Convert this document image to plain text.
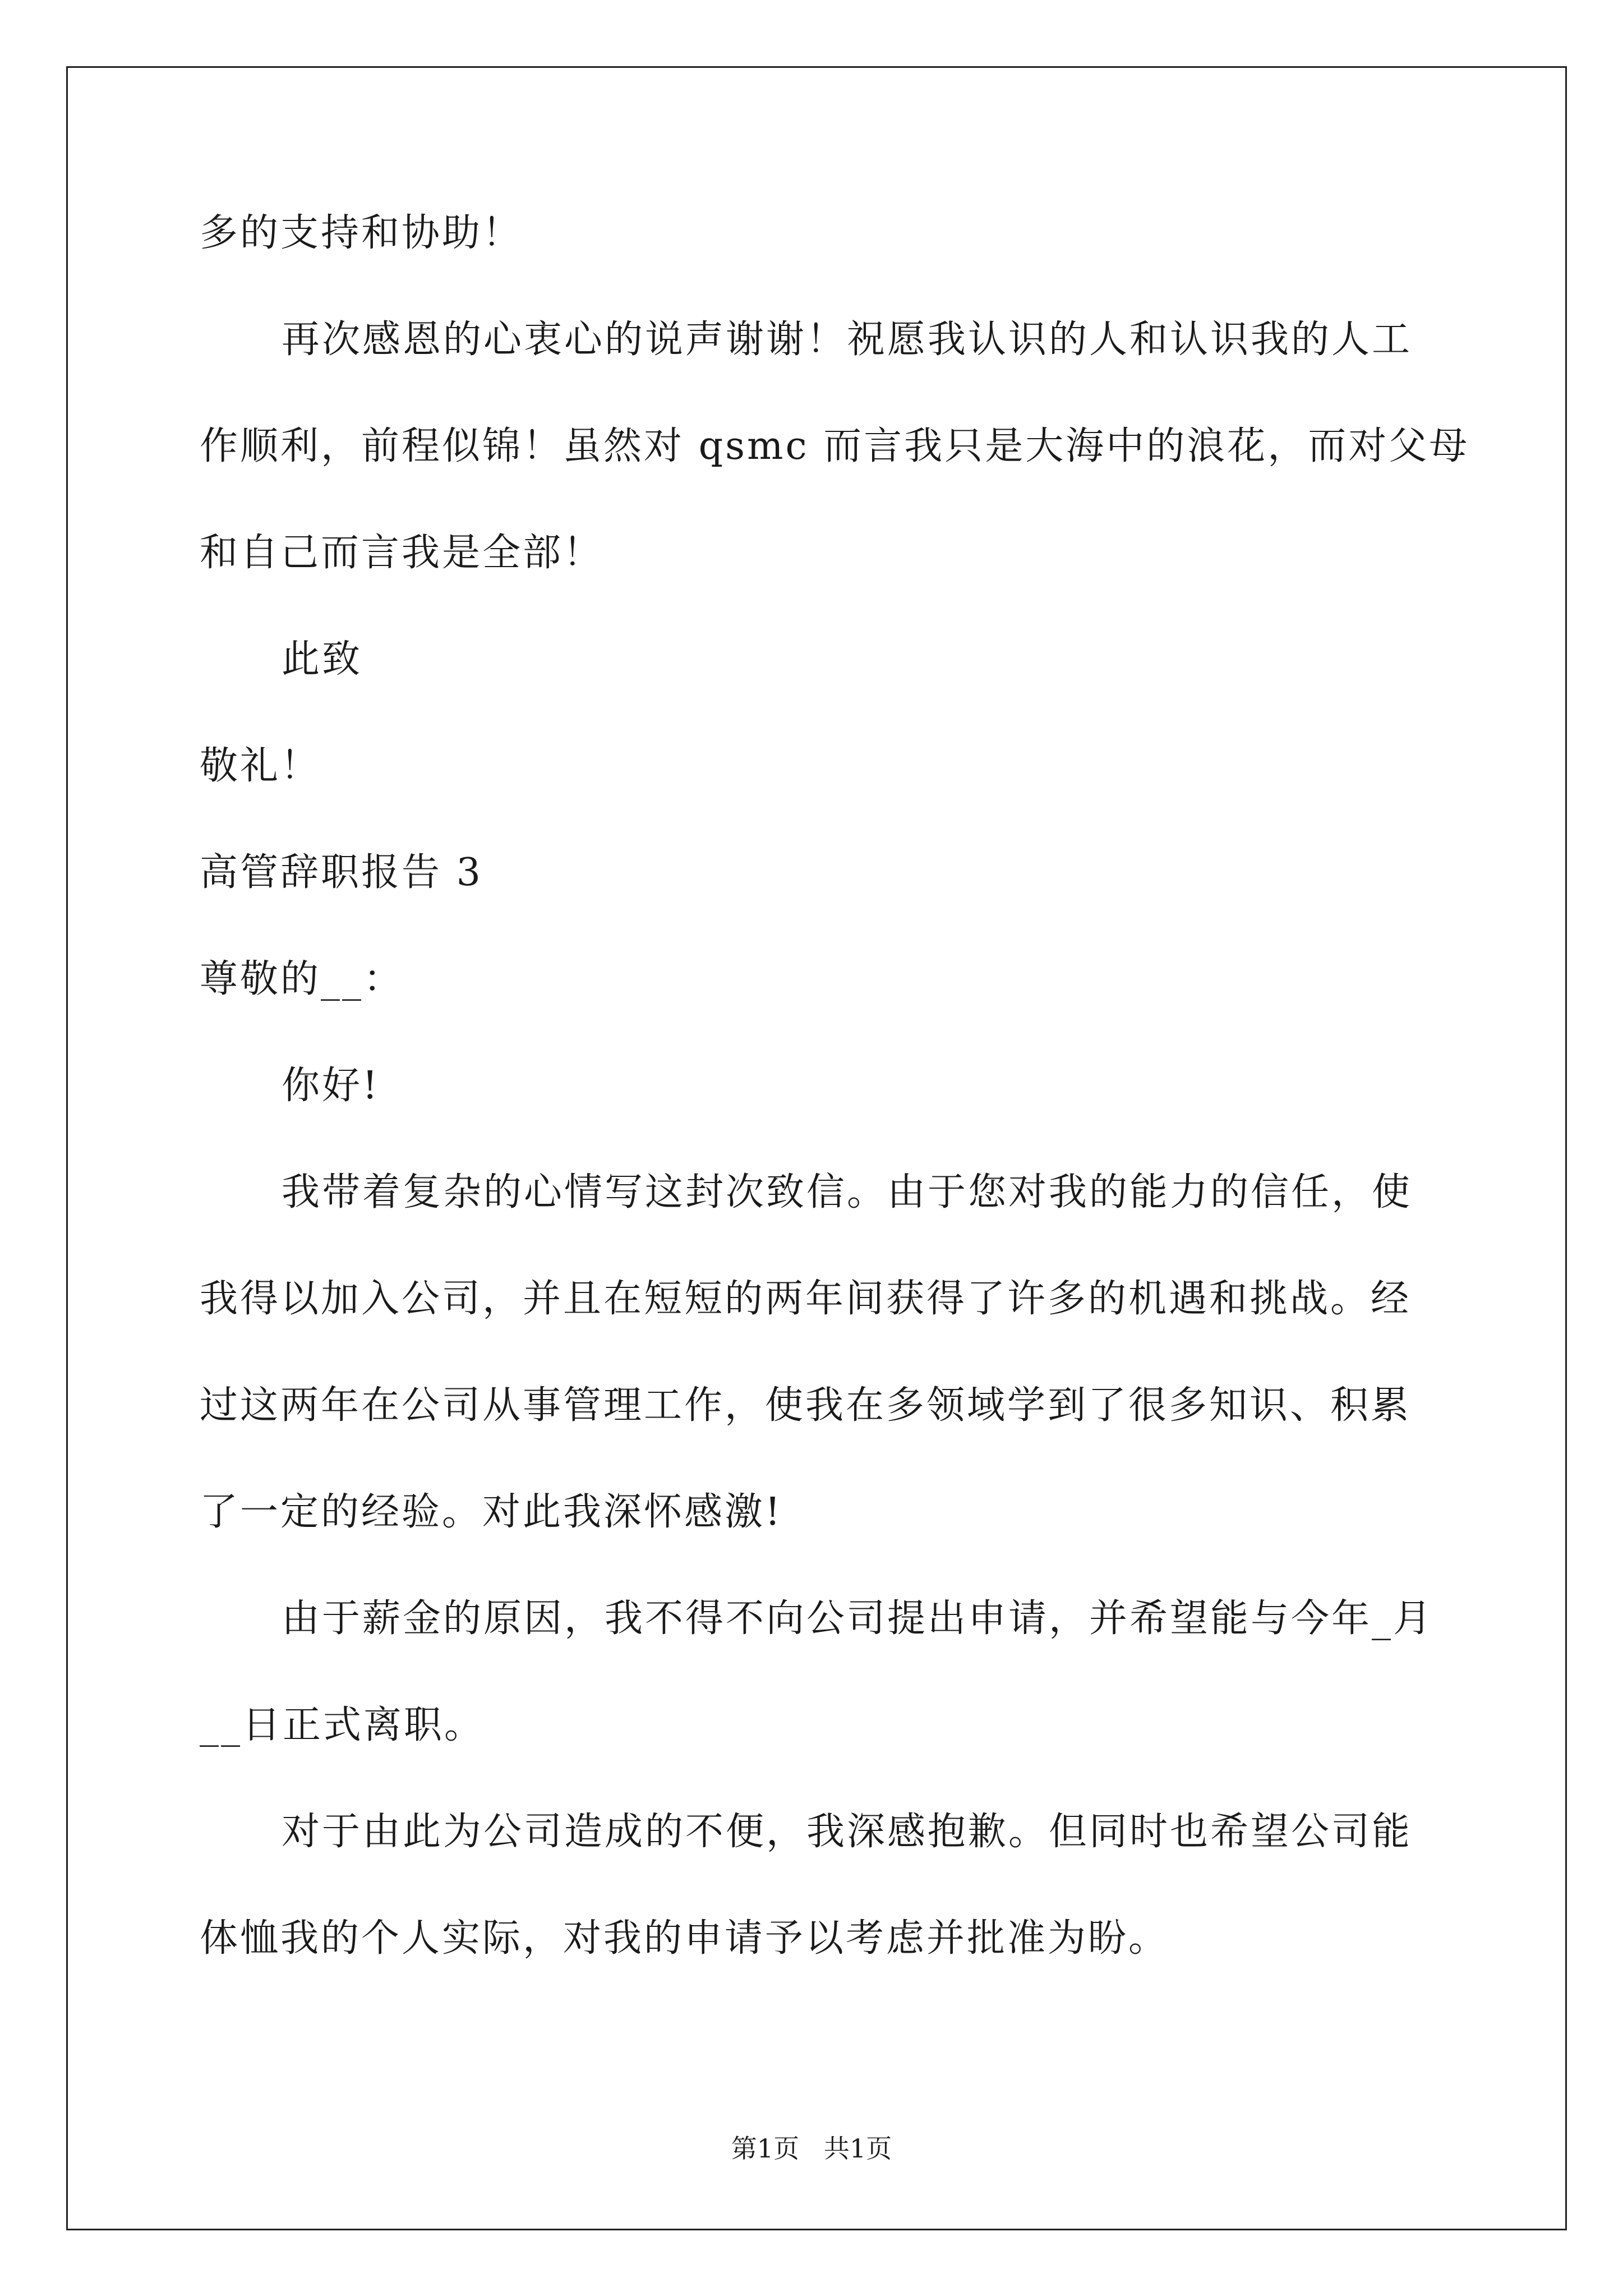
多的支持和协助！
再次感恩的心衷心的说声谢谢！祝愿我认识的人和认识我的人工
作顺利，前程似锦！虽然对 qsmc 而言我只是大海中的浪花，而对父母
和自己而言我是全部！
此致
敬礼！
高管辞职报告 3
尊敬的__：
你好!
我带着复杂的心情写这封次致信。由于您对我的能力的信任，使
我得以加入公司，并且在短短的两年间获得了许多的机遇和挑战。经
过这两年在公司从事管理工作，使我在多领域学到了很多知识、积累
了一定的经验。对此我深怀感激!
由于薪金的原因，我不得不向公司提出申请，并希望能与今年_月
__日正式离职。
对于由此为公司造成的不便，我深感抱歉。但同时也希望公司能
体恤我的个人实际，对我的申请予以考虑并批准为盼。
第1页   共1页
